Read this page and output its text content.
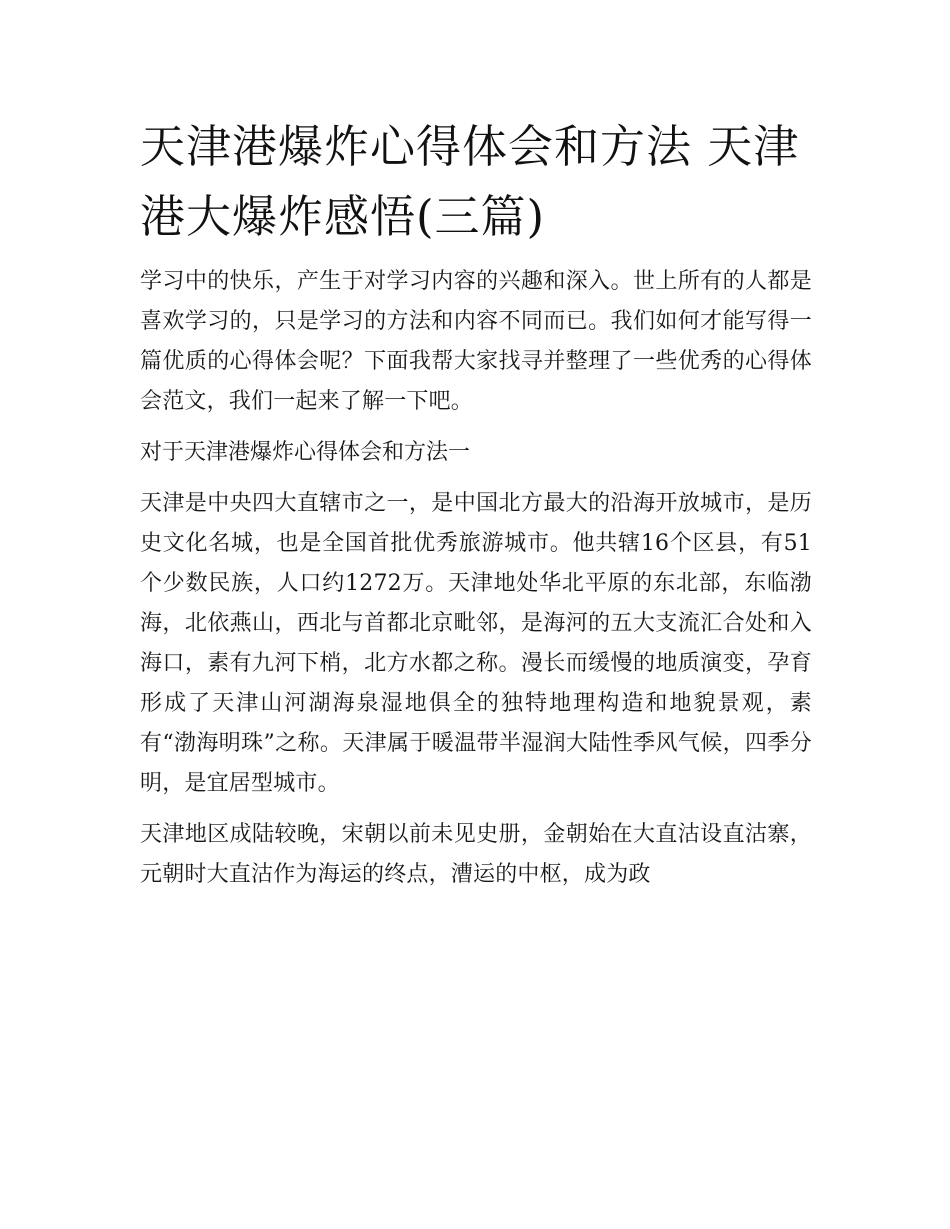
天津港爆炸心得体会和方法 天津港大爆炸感悟(三篇)

学习中的快乐，产生于对学习内容的兴趣和深入。世上所有的人都是喜欢学习的，只是学习的方法和内容不同而已。我们如何才能写得一篇优质的心得体会呢？下面我帮大家找寻并整理了一些优秀的心得体会范文，我们一起来了解一下吧。

对于天津港爆炸心得体会和方法一

天津是中央四大直辖市之一，是中国北方最大的沿海开放城市，是历史文化名城，也是全国首批优秀旅游城市。他共辖16个区县，有51个少数民族，人口约1272万。天津地处华北平原的东北部，东临渤海，北依燕山，西北与首都北京毗邻，是海河的五大支流汇合处和入海口，素有九河下梢，北方水都之称。漫长而缓慢的地质演变，孕育形成了天津山河湖海泉湿地俱全的独特地理构造和地貌景观，素有“渤海明珠”之称。天津属于暖温带半湿润大陆性季风气候，四季分明，是宜居型城市。

天津地区成陆较晚，宋朝以前未见史册，金朝始在大直沽设直沽寨，元朝时大直沽作为海运的终点，漕运的中枢，成为政
